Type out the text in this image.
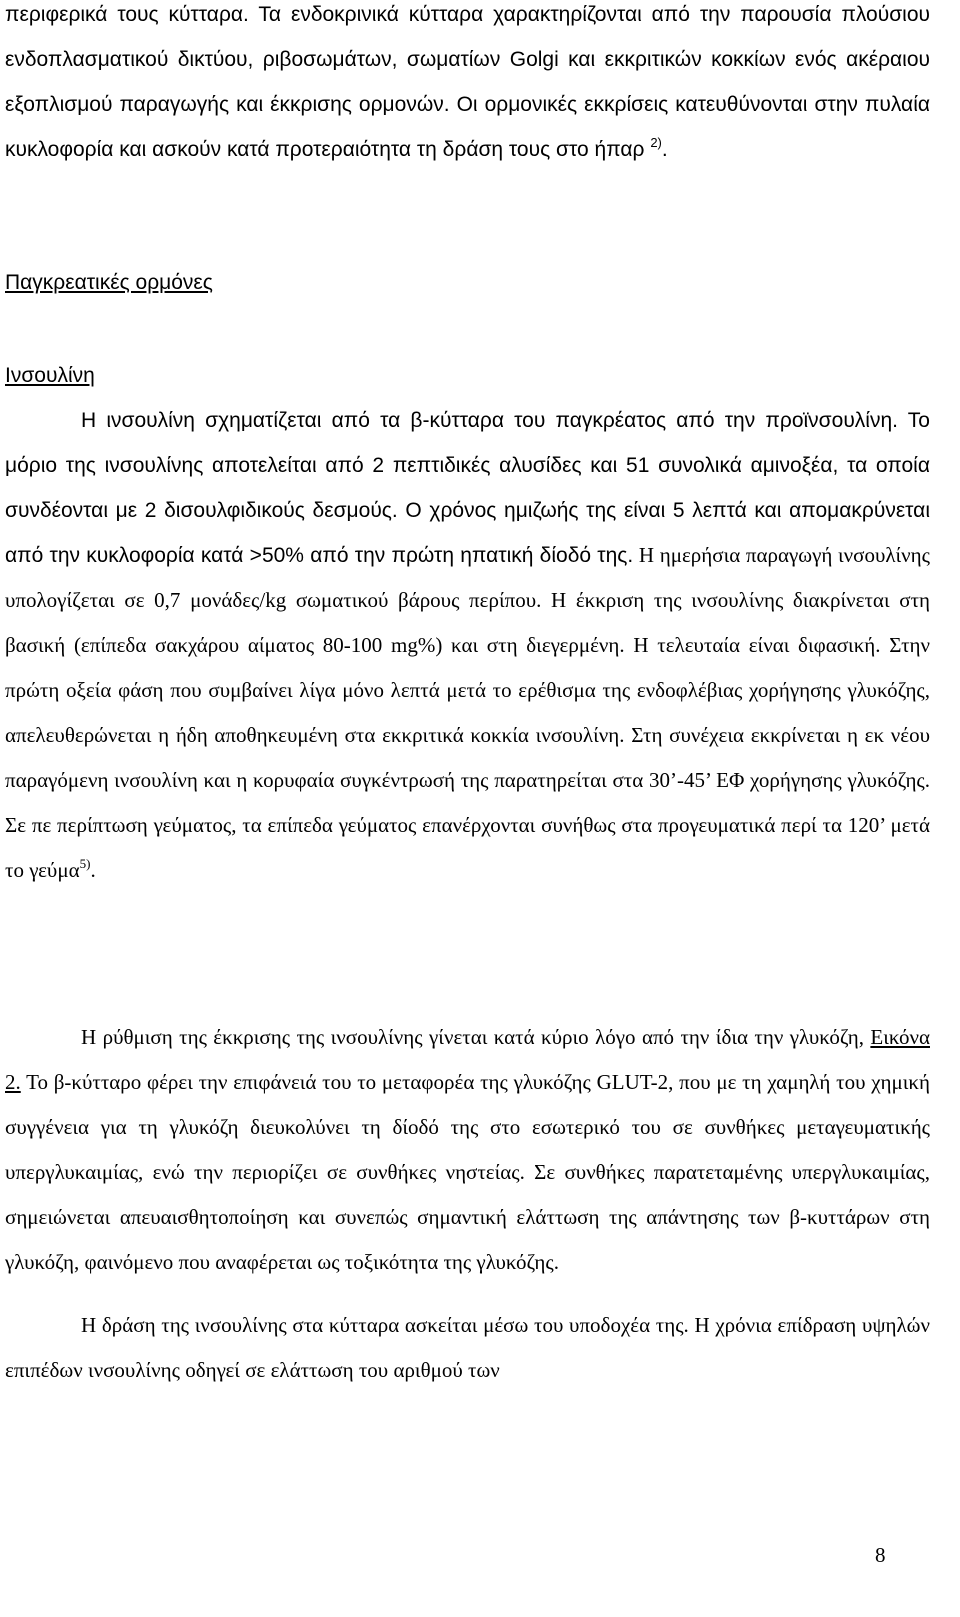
περιφερικά τους κύτταρα. Τα ενδοκρινικά κύτταρα χαρακτηρίζονται από την παρουσία πλούσιου ενδοπλασματικού δικτύου, ριβοσωμάτων, σωματίων Golgi και εκκριτικών κοκκίων ενός ακέραιου εξοπλισμού παραγωγής και έκκρισης ορμονών. Οι ορμονικές εκκρίσεις κατευθύνονται στην πυλαία κυκλοφορία και ασκούν κατά προτεραιότητα τη δράση τους στο ήπαρ $^{2)}$.

Παγκρεατικές ορμόνες

Ινσουλίνη

Η ινσουλίνη σχηματίζεται από τα β-κύτταρα του παγκρέατος από την προϊνσουλίνη. Το μόριο της ινσουλίνης αποτελείται από 2 πεπτιδικές αλυσίδες και 51 συνολικά αμινοξέα, τα οποία συνδέονται με 2 δισουλφιδικούς δεσμούς. Ο χρόνος ημιζωής της είναι 5 λεπτά και απομακρύνεται από την κυκλοφορία κατά >50% από την πρώτη ηπατική δίοδό της. Η ημερήσια παραγωγή ινσουλίνης υπολογίζεται σε 0,7 μονάδες/kg σωματικού βάρους περίπου. Η έκκριση της ινσουλίνης διακρίνεται στη βασική (επίπεδα σακχάρου αίματος 80-100 mg%) και στη διεγερμένη. Η τελευταία είναι διφασική. Στην πρώτη οξεία φάση που συμβαίνει λίγα μόνο λεπτά μετά το ερέθισμα της ενδοφλέβιας χορήγησης γλυκόζης, απελευθερώνεται η ήδη αποθηκευμένη στα εκκριτικά κοκκία ινσουλίνη. Στη συνέχεια εκκρίνεται η εκ νέου παραγόμενη ινσουλίνη και η κορυφαία συγκέντρωσή της παρατηρείται στα 30’-45’ ΕΦ χορήγησης γλυκόζης. Σε πε περίπτωση γεύματος, τα επίπεδα γεύματος επανέρχονται συνήθως στα προγευματικά περί τα 120’ μετά το γεύμα$^{5)}$.

Η ρύθμιση της έκκρισης της ινσουλίνης γίνεται κατά κύριο λόγο από την ίδια την γλυκόζη, Εικόνα 2. Το β-κύτταρο φέρει την επιφάνειά του το μεταφορέα της γλυκόζης GLUT-2, που με τη χαμηλή του χημική συγγένεια για τη γλυκόζη διευκολύνει τη δίοδό της στο εσωτερικό του σε συνθήκες μεταγευματικής υπεργλυκαιμίας, ενώ την περιορίζει σε συνθήκες νηστείας. Σε συνθήκες παρατεταμένης υπεργλυκαιμίας, σημειώνεται απευαισθητοποίηση και συνεπώς σημαντική ελάττωση της απάντησης των β-κυττάρων στη γλυκόζη, φαινόμενο που αναφέρεται ως τοξικότητα της γλυκόζης.

Η δράση της ινσουλίνης στα κύτταρα ασκείται μέσω του υποδοχέα της. Η χρόνια επίδραση υψηλών επιπέδων ινσουλίνης οδηγεί σε ελάττωση του αριθμού των

8
